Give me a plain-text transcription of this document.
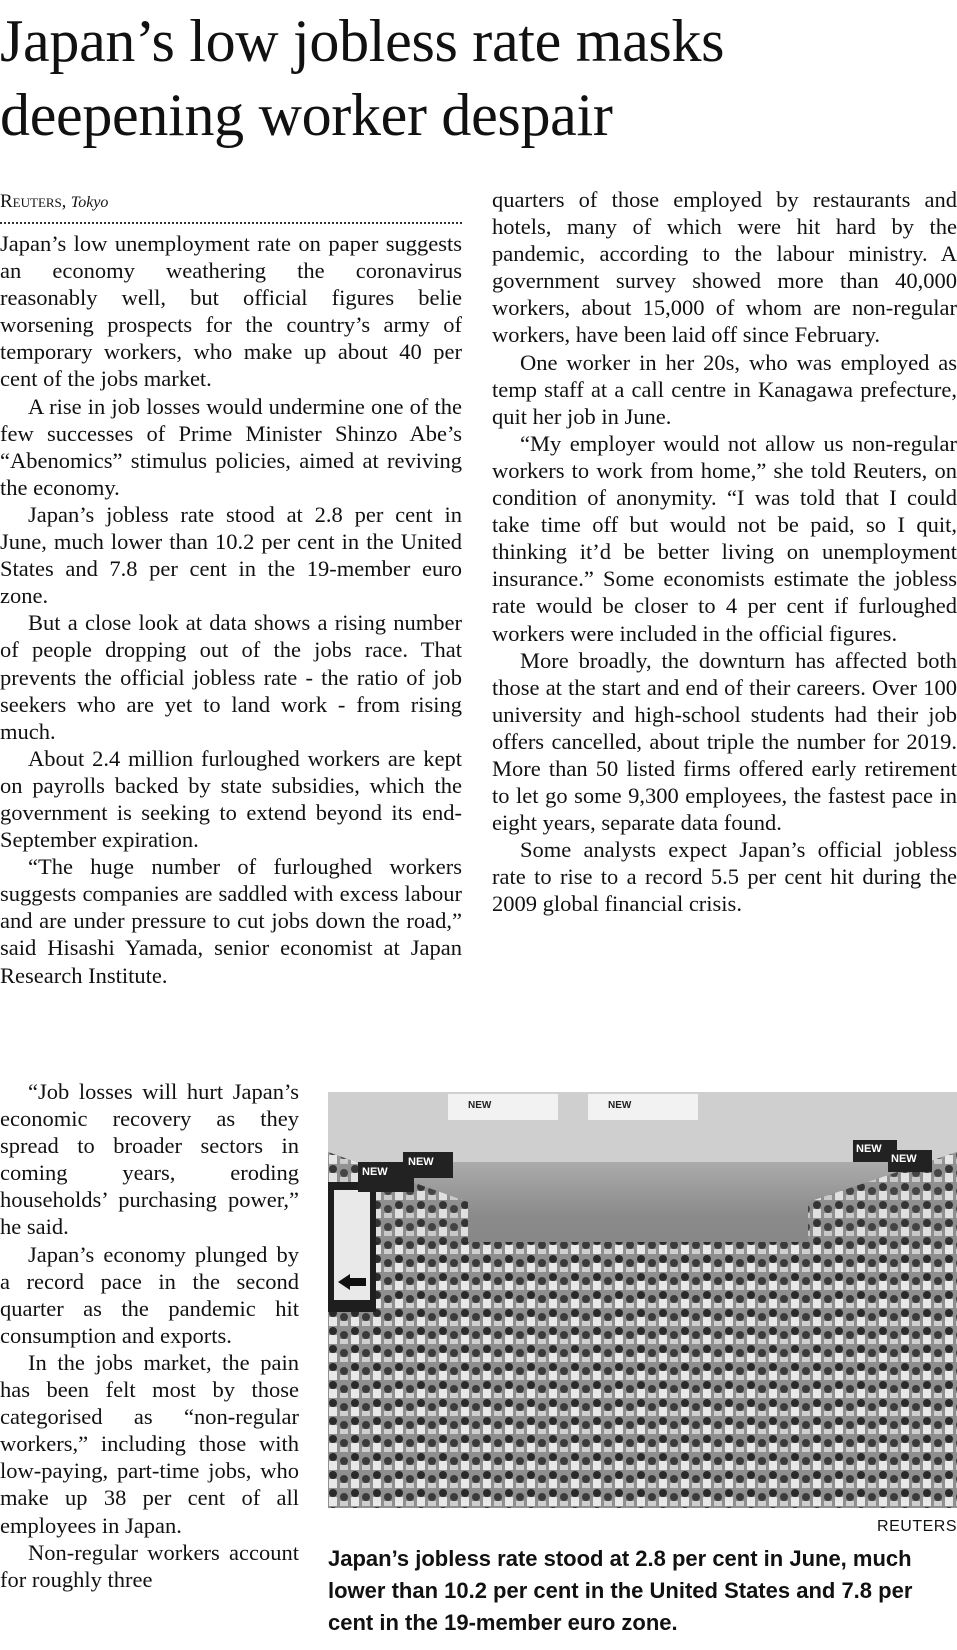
Japan’s low jobless rate masks
deepening worker despair
Reuters, Tokyo

Japan’s low unemployment rate on paper suggests an economy weathering the coronavirus reasonably well, but official figures belie worsening prospects for the country’s army of temporary workers, who make up about 40 per cent of the jobs market.

A rise in job losses would undermine one of the few successes of Prime Minister Shinzo Abe’s “Abenomics” stimulus policies, aimed at reviving the economy.

Japan’s jobless rate stood at 2.8 per cent in June, much lower than 10.2 per cent in the United States and 7.8 per cent in the 19-member euro zone.

But a close look at data shows a rising number of people dropping out of the jobs race. That prevents the official jobless rate - the ratio of job seekers who are yet to land work - from rising much.

About 2.4 million furloughed workers are kept on payrolls backed by state subsidies, which the government is seeking to extend beyond its end-September expiration.

“The huge number of furloughed workers suggests companies are saddled with excess labour and are under pressure to cut jobs down the road,” said Hisashi Yamada, senior economist at Japan Research Institute.

“Job losses will hurt Japan’s economic recovery as they spread to broader sectors in coming years, eroding households’ purchasing power,” he said.

Japan’s economy plunged by a record pace in the second quarter as the pandemic hit consumption and exports.

In the jobs market, the pain has been felt most by those categorised as “non-regular workers,” including those with low-paying, part-time jobs, who make up 38 per cent of all employees in Japan.

Non-regular workers account for roughly three

quarters of those employed by restaurants and hotels, many of which were hit hard by the pandemic, according to the labour ministry. A government survey showed more than 40,000 workers, about 15,000 of whom are non-regular workers, have been laid off since February.

One worker in her 20s, who was employed as temp staff at a call centre in Kanagawa prefecture, quit her job in June.

“My employer would not allow us non-regular workers to work from home,” she told Reuters, on condition of anonymity. “I was told that I could take time off but would not be paid, so I quit, thinking it’d be better living on unemployment insurance.” Some economists estimate the jobless rate would be closer to 4 per cent if furloughed workers were included in the official figures.

More broadly, the downturn has affected both those at the start and end of their careers. Over 100 university and high-school students had their job offers cancelled, about triple the number for 2019. More than 50 listed firms offered early retirement to let go some 9,300 employees, the fastest pace in eight years, separate data found.

Some analysts expect Japan’s official jobless rate to rise to a record 5.5 per cent hit during the 2009 global financial crisis.

NEW
NEW
NEW
NEW
NEW	NEW
REUTERS
Japan’s jobless rate stood at 2.8 per cent in June, much lower than 10.2 per cent in the United States and 7.8 per cent in the 19-member euro zone.
